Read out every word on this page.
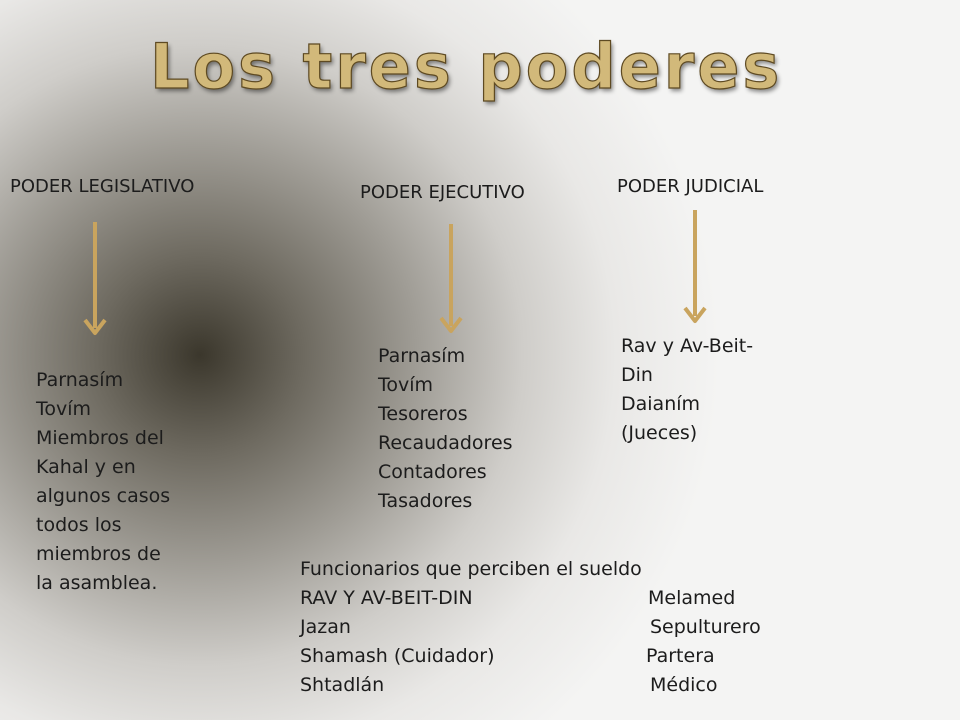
Los tres poderes
PODER LEGISLATIVO	PODER EJECUTIVO	PODER JUDICIAL
Parnasím
Tovím
Miembros del
Kahal y en
algunos casos
todos los
miembros de
la asamblea.
Parnasím
Tovím
Tesoreros
Recaudadores
Contadores
Tasadores
Rav y Av-Beit-
Din
Daianím
(Jueces)
Funcionarios que perciben el sueldo
RAV Y AV-BEIT-DIN	Melamed
Jazan	Sepulturero
Shamash (Cuidador)	Partera
Shtadlán	Médico
